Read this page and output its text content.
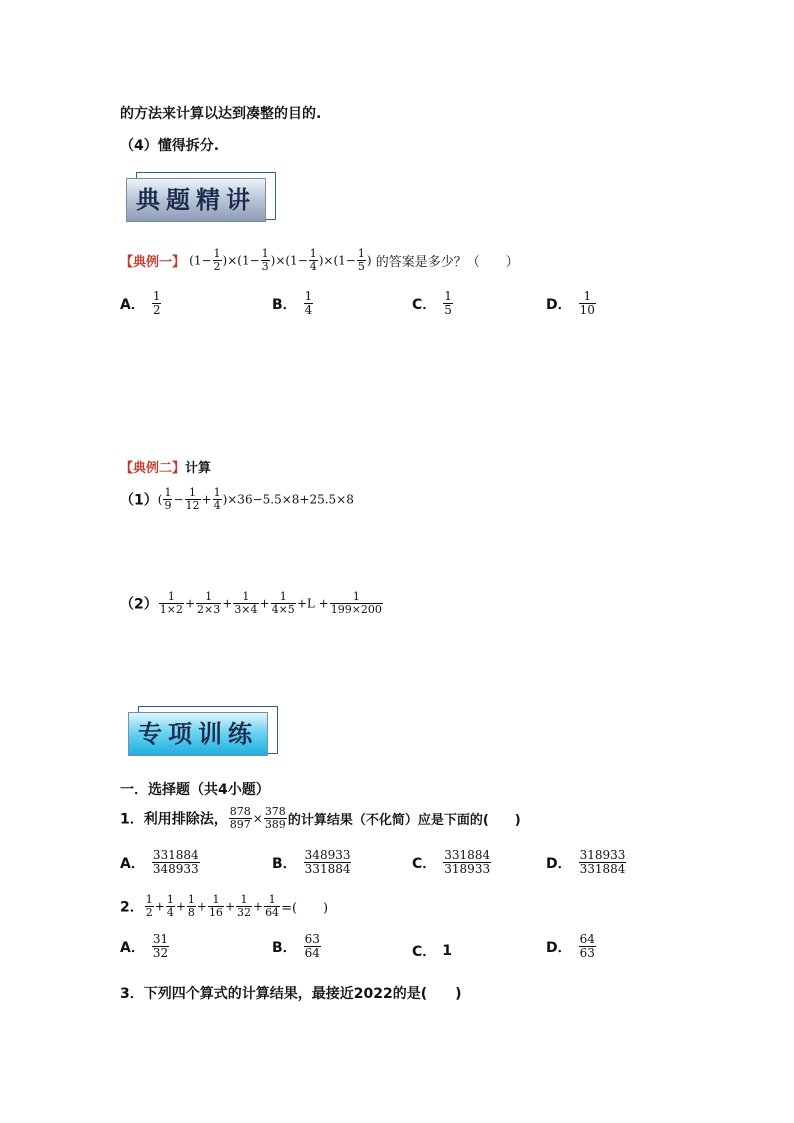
的方法来计算以达到凑整的目的.
（4）懂得拆分.
典题精讲
【典例一】 $(1- \frac{1}{2} )\times(1- \frac{1}{3} )\times(1- \frac{1}{4} )\times(1- \frac{1}{5}$ ) 的答案是多少？（　　）
A． $\frac{1}{2}$	B． $\frac{1}{4}$	C． $\frac{1}{5}$	D． $\frac{1}{10}$
【典例二】计算
$(1)( \frac{1}{9} - \frac{1}{12} + \frac{1}{4} )\times 36-5.5\times 8+25.5\times 8$
$(2) \frac{1}{1\times 2} + \frac{1}{2\times 3} + \frac{1}{3\times 4} + \frac{1}{4\times 5} +L + \frac{1}{199\times 200}$
专项训练
一．选择题（共4小题）
1．利用排除法， $\frac{878}{897} \times \frac{378}{389}$ 的计算结果（不化简）应是下面的(　　)
A． $\frac{331884}{348933}$	B． $\frac{348933}{331884}$	C． $\frac{331884}{318933}$	D． $\frac{318933}{331884}$
2． $\frac{1}{2} + \frac{1}{4} + \frac{1}{8} + \frac{1}{16} + \frac{1}{32} + \frac{1}{64}$ =(　　)
A． $\frac{31}{32}$	B． $\frac{63}{64}$	C． 1	D． $\frac{64}{63}$
3．下列四个算式的计算结果，最接近2022的是(　　)
